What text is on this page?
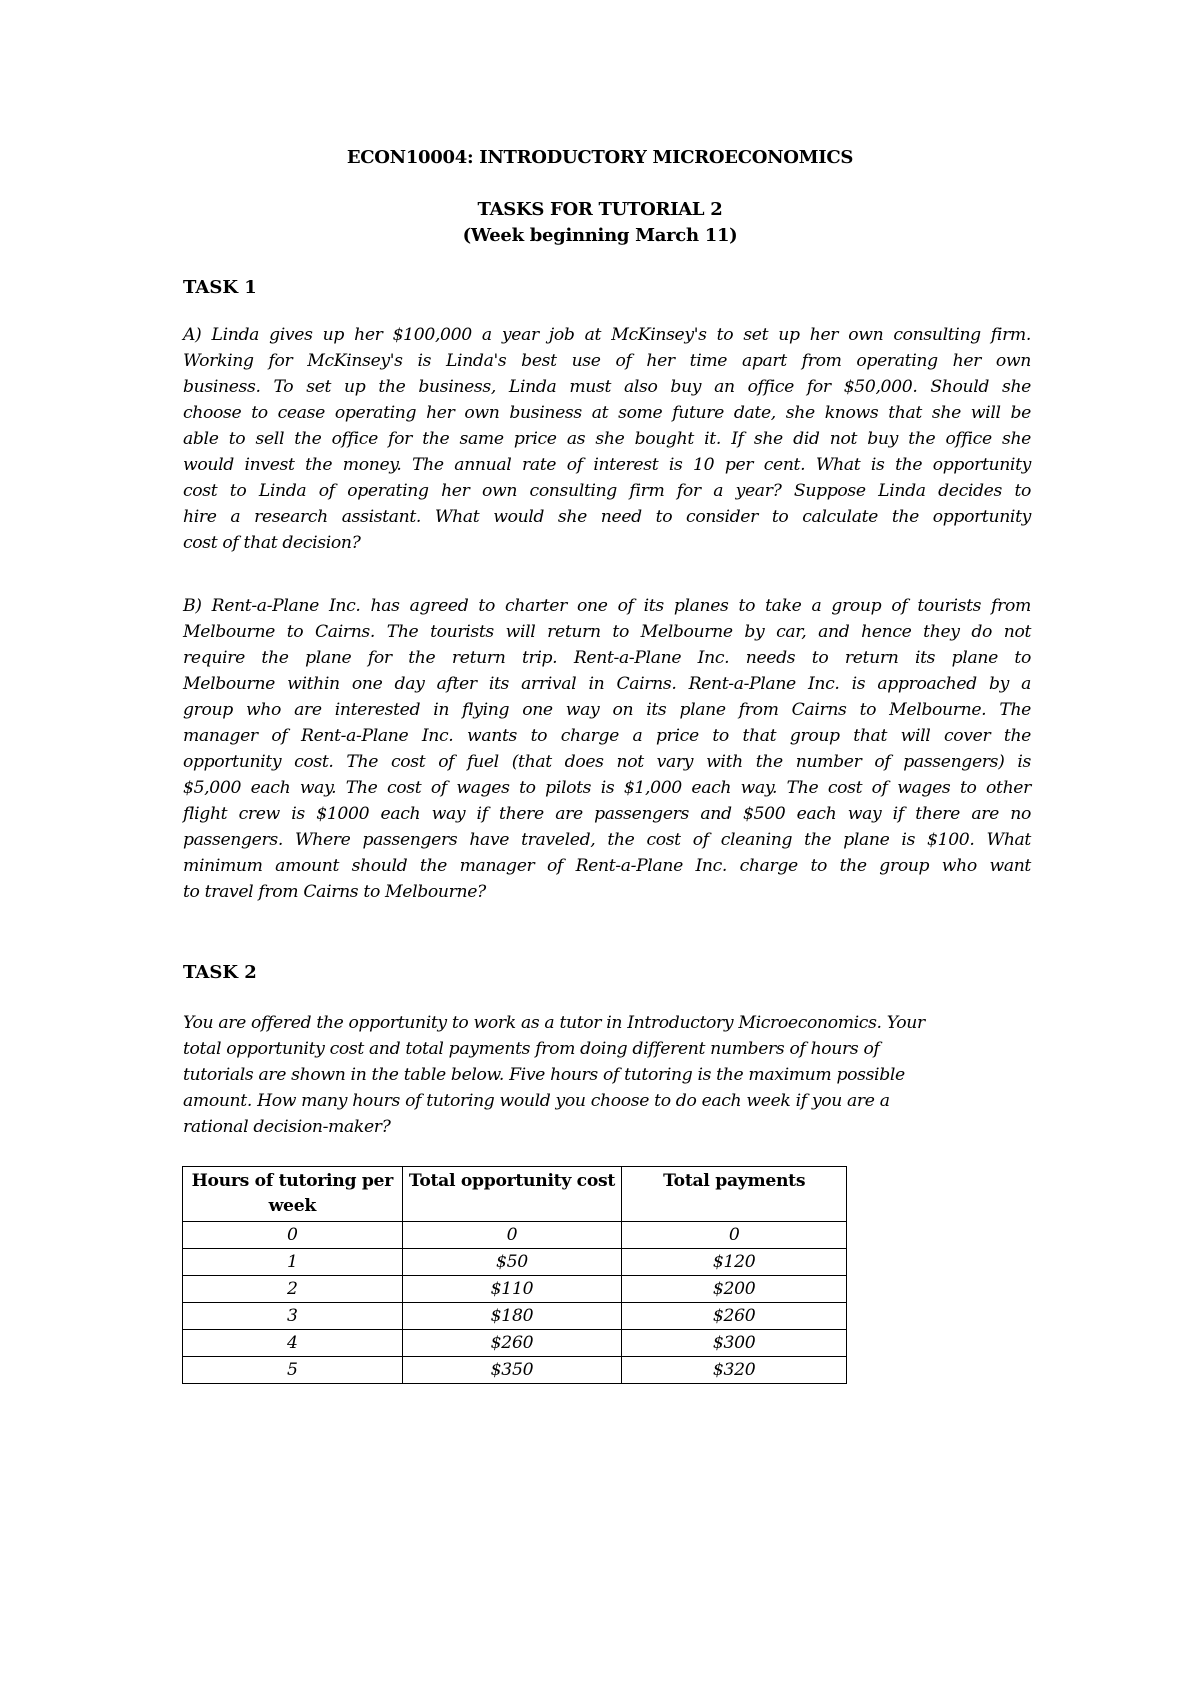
ECON10004: INTRODUCTORY MICROECONOMICS
TASKS FOR TUTORIAL 2
(Week beginning March 11)
TASK 1
A) Linda gives up her $100,000 a year job at McKinsey's to set up her own consulting firm.
Working for McKinsey's is Linda's best use of her time apart from operating her own
business. To set up the business, Linda must also buy an office for $50,000. Should she
choose to cease operating her own business at some future date, she knows that she will be
able to sell the office for the same price as she bought it. If she did not buy the office she
would invest the money. The annual rate of interest is 10 per cent. What is the opportunity
cost to Linda of operating her own consulting firm for a year? Suppose Linda decides to
hire a research assistant. What would she need to consider to calculate the opportunity
cost of that decision?
B) Rent-a-Plane Inc. has agreed to charter one of its planes to take a group of tourists from
Melbourne to Cairns. The tourists will return to Melbourne by car, and hence they do not
require the plane for the return trip. Rent-a-Plane Inc. needs to return its plane to
Melbourne within one day after its arrival in Cairns. Rent-a-Plane Inc. is approached by a
group who are interested in flying one way on its plane from Cairns to Melbourne. The
manager of Rent-a-Plane Inc. wants to charge a price to that group that will cover the
opportunity cost. The cost of fuel (that does not vary with the number of passengers) is
$5,000 each way. The cost of wages to pilots is $1,000 each way. The cost of wages to other
flight crew is $1000 each way if there are passengers and $500 each way if there are no
passengers. Where passengers have traveled, the cost of cleaning the plane is $100. What
minimum amount should the manager of Rent-a-Plane Inc. charge to the group who want
to travel from Cairns to Melbourne?
TASK 2
You are offered the opportunity to work as a tutor in Introductory Microeconomics. Your
total opportunity cost and total payments from doing different numbers of hours of
tutorials are shown in the table below. Five hours of tutoring is the maximum possible
amount. How many hours of tutoring would you choose to do each week if you are a
rational decision-maker?
Hours of tutoring per week	Total opportunity cost	Total payments
0	0	0
1	$50	$120
2	$110	$200
3	$180	$260
4	$260	$300
5	$350	$320
